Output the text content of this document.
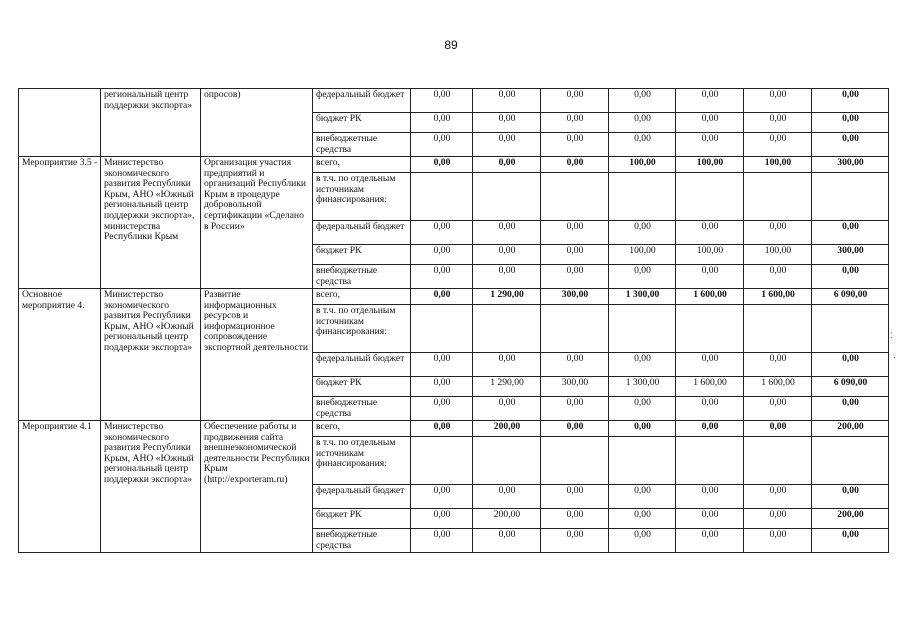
89
	региональный центр поддержки экспорта»	опросов)	федеральный бюджет	0,00	0,00	0,00	0,00	0,00	0,00	0,00
			бюджет РК	0,00	0,00	0,00	0,00	0,00	0,00	0,00
			внебюджетные средства	0,00	0,00	0,00	0,00	0,00	0,00	0,00
Мероприятие 3.5 -	Министерство экономического развития Республики Крым, АНО «Южный региональный центр поддержки экспорта», министерства Республики Крым	Организация участия предприятий и организаций Республики Крым в процедуре добровольной сертификации «Сделано в России»	всего,	0,00	0,00	0,00	100,00	100,00	100,00	300,00
			в т.ч. по отдельным источникам финансирования:							
			федеральный бюджет	0,00	0,00	0,00	0,00	0,00	0,00	0,00
			бюджет РК	0,00	0,00	0,00	100,00	100,00	100,00	300,00
			внебюджетные средства	0,00	0,00	0,00	0,00	0,00	0,00	0,00
Основное мероприятие 4.	Министерство экономического развития Республики Крым, АНО «Южный региональный центр поддержки экспорта»	Развитие информационных ресурсов и информационное сопровождение экспортной деятельности	всего,	0,00	1 290,00	300,00	1 300,00	1 600,00	1 600,00	6 090,00
			в т.ч. по отдельным источникам финансирования:							
			федеральный бюджет	0,00	0,00	0,00	0,00	0,00	0,00	0,00
			бюджет РК	0,00	1 290,00	300,00	1 300,00	1 600,00	1 600,00	6 090,00
			внебюджетные средства	0,00	0,00	0,00	0,00	0,00	0,00	0,00
Мероприятие 4.1	Министерство экономического развития Республики Крым, АНО «Южный региональный центр поддержки экспорта»	Обеспечение работы и продвижения сайта внешнеэкономической деятельности Республики Крым (http://exporteram.ru)	всего,	0,00	200,00	0,00	0,00	0,00	0,00	200,00
			в т.ч. по отдельным источникам финансирования:							
			федеральный бюджет	0,00	0,00	0,00	0,00	0,00	0,00	0,00
			бюджет РК	0,00	200,00	0,00	0,00	0,00	0,00	200,00
			внебюджетные средства	0,00	0,00	0,00	0,00	0,00	0,00	0,00
:
·
